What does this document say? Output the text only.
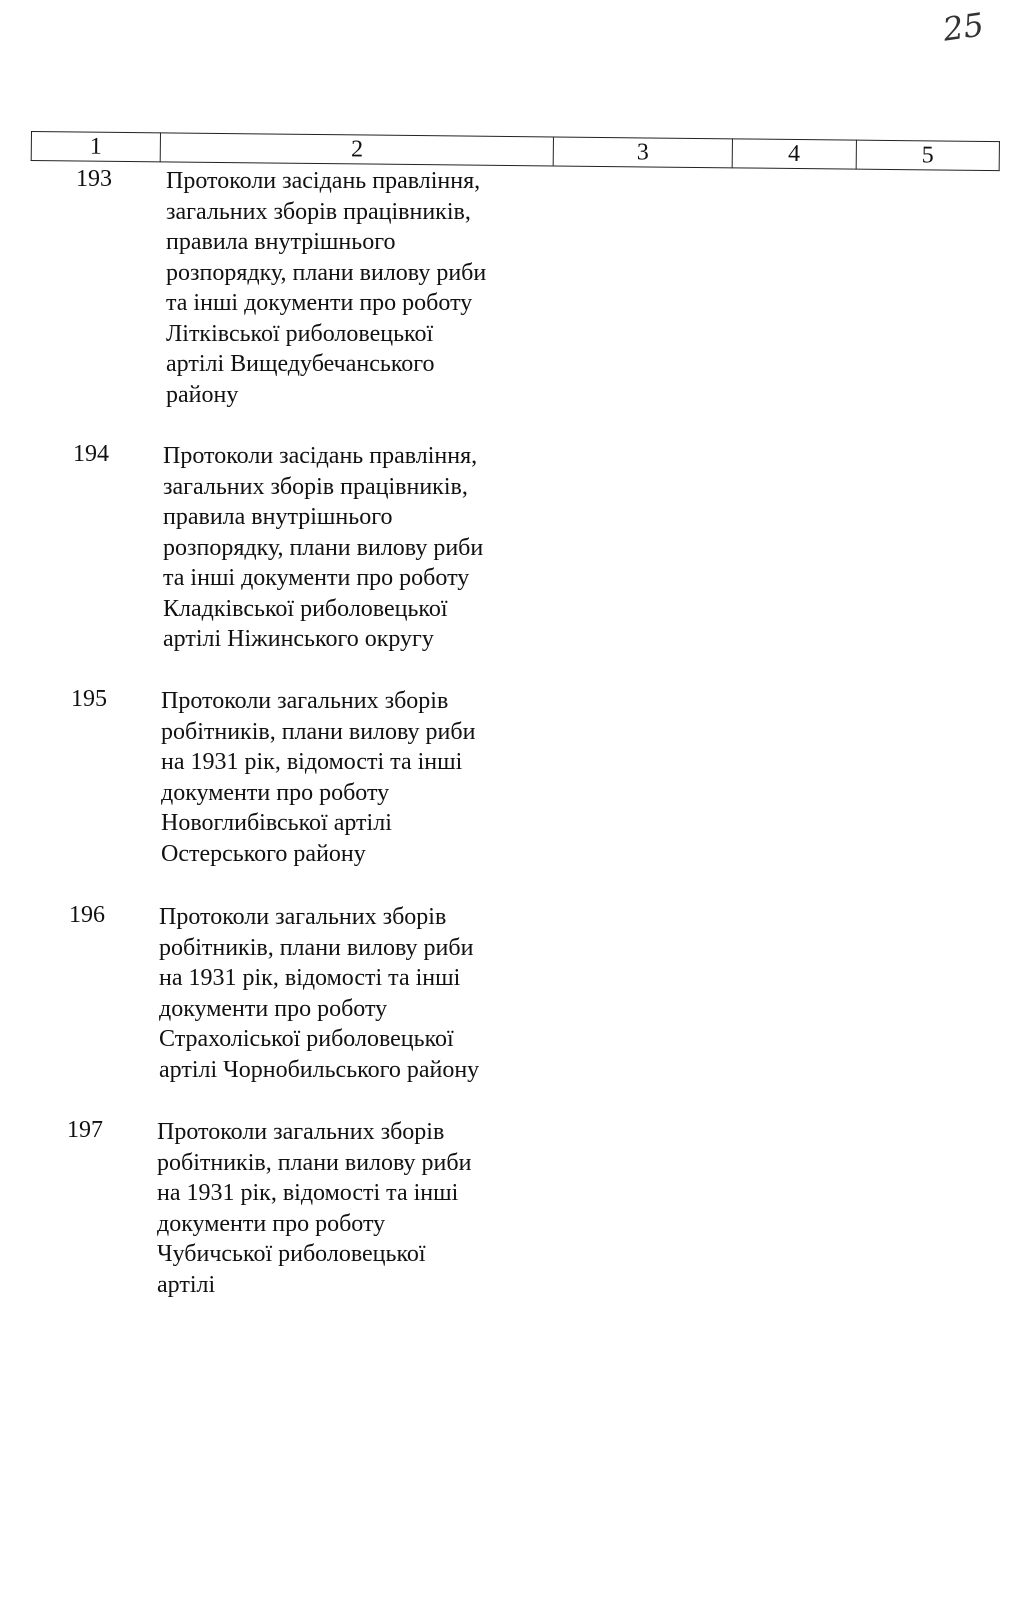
25
1	2	3	4	5
193	Протоколи засідань правління,
загальних зборів працівників,
правила внутрішнього
розпорядку, плани вилову риби
та інші документи про роботу
Літківської риболовецької
артілі Вищедубечанського
району
194	Протоколи засідань правління,
загальних зборів працівників,
правила внутрішнього
розпорядку, плани вилову риби
та інші документи про роботу
Кладківської риболовецької
артілі Ніжинського округу
195	Протоколи загальних зборів
робітників, плани вилову риби
на 1931 рік, відомості та інші
документи про роботу
Новоглибівської артілі
Остерського району
196	Протоколи загальних зборів
робітників, плани вилову риби
на 1931 рік, відомості та інші
документи про роботу
Страхоліської риболовецької
артілі Чорнобильського району
197	Протоколи загальних зборів
робітників, плани вилову риби
на 1931 рік, відомості та інші
документи про роботу
Чубичської риболовецької
артілі
